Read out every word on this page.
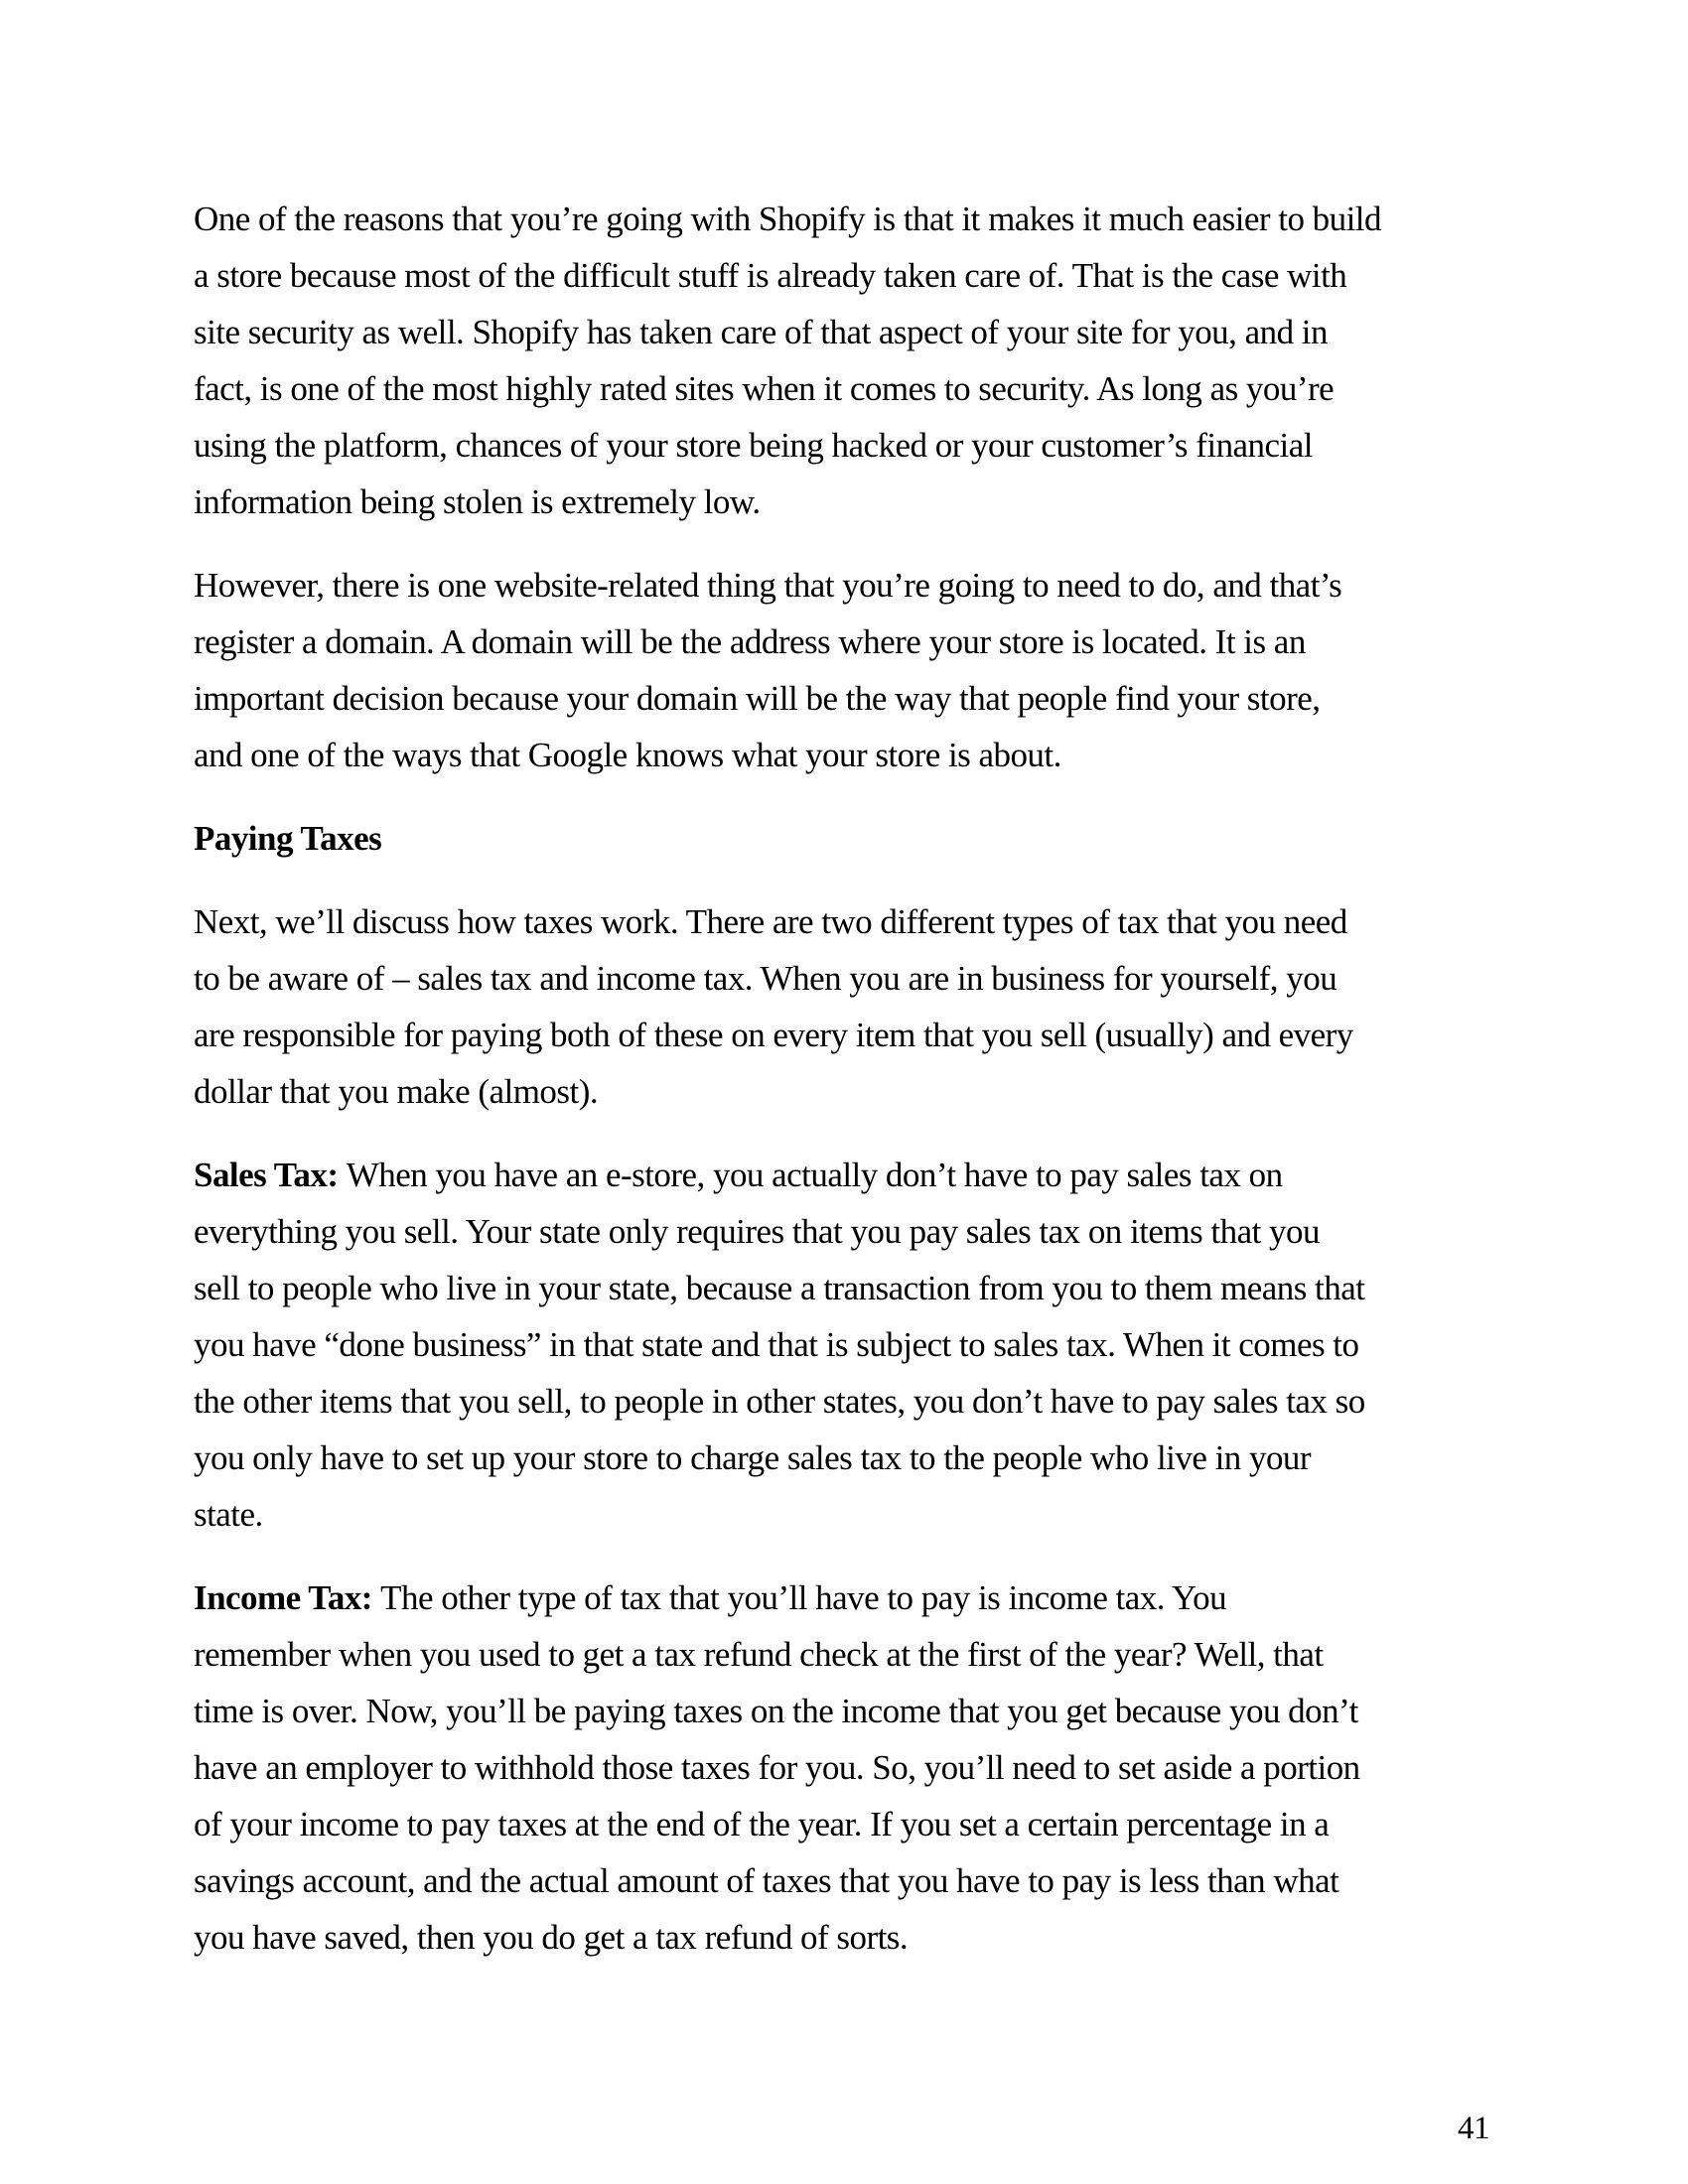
One of the reasons that you’re going with Shopify is that it makes it much easier to build
a store because most of the difficult stuff is already taken care of. That is the case with
site security as well. Shopify has taken care of that aspect of your site for you, and in
fact, is one of the most highly rated sites when it comes to security. As long as you’re
using the platform, chances of your store being hacked or your customer’s financial
information being stolen is extremely low.

However, there is one website-related thing that you’re going to need to do, and that’s
register a domain. A domain will be the address where your store is located. It is an
important decision because your domain will be the way that people find your store,
and one of the ways that Google knows what your store is about.

Paying Taxes

Next, we’ll discuss how taxes work. There are two different types of tax that you need
to be aware of – sales tax and income tax. When you are in business for yourself, you
are responsible for paying both of these on every item that you sell (usually) and every
dollar that you make (almost).

Sales Tax: When you have an e-store, you actually don’t have to pay sales tax on
everything you sell. Your state only requires that you pay sales tax on items that you
sell to people who live in your state, because a transaction from you to them means that
you have “done business” in that state and that is subject to sales tax. When it comes to
the other items that you sell, to people in other states, you don’t have to pay sales tax so
you only have to set up your store to charge sales tax to the people who live in your
state.

Income Tax: The other type of tax that you’ll have to pay is income tax. You
remember when you used to get a tax refund check at the first of the year? Well, that
time is over. Now, you’ll be paying taxes on the income that you get because you don’t
have an employer to withhold those taxes for you. So, you’ll need to set aside a portion
of your income to pay taxes at the end of the year. If you set a certain percentage in a
savings account, and the actual amount of taxes that you have to pay is less than what
you have saved, then you do get a tax refund of sorts.

41
